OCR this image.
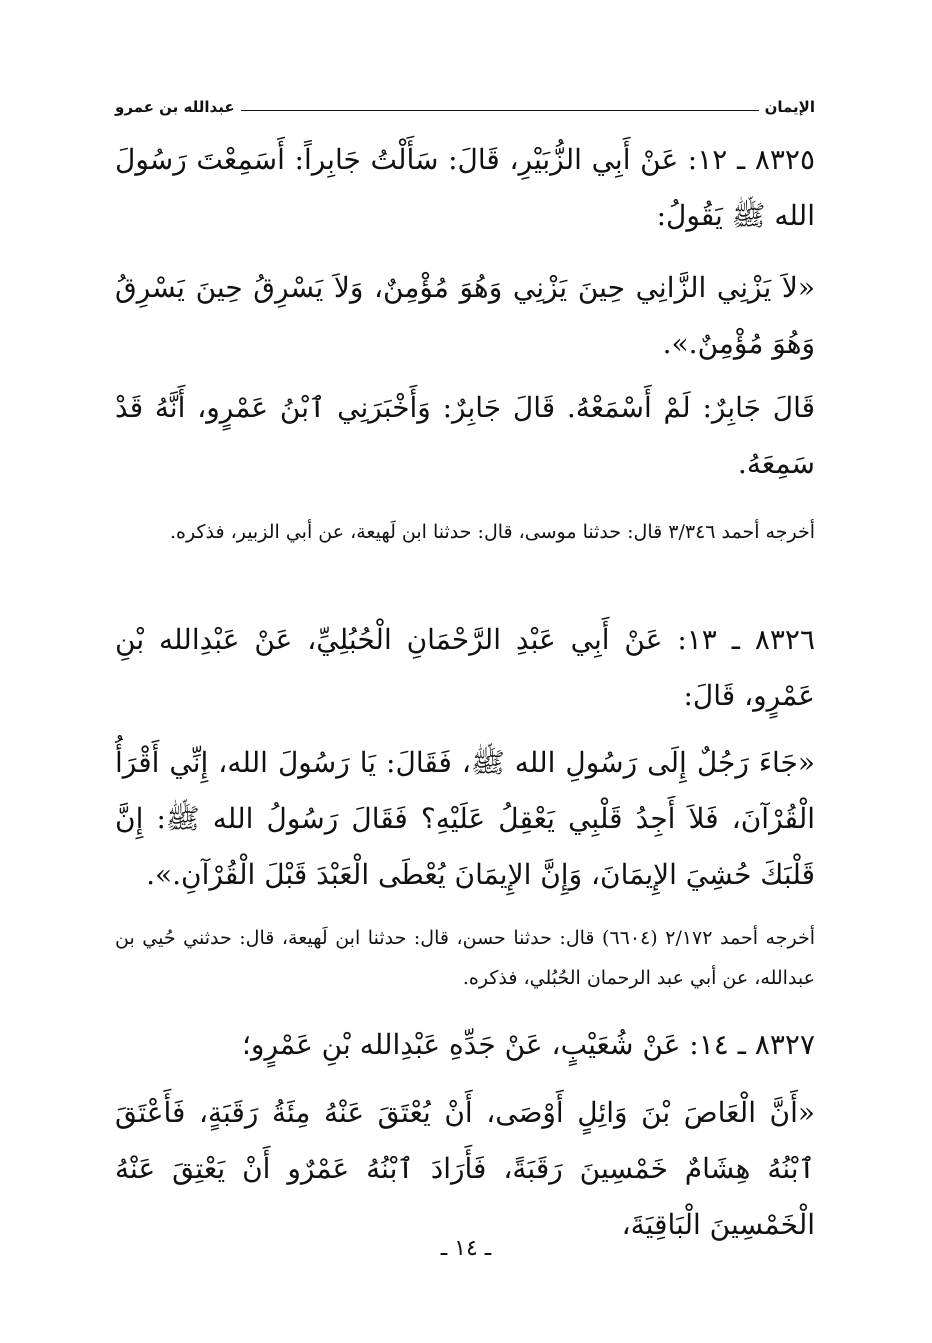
الإيمان
عبدالله بن عمرو

٨٣٢٥ ـ ١٢: عَنْ أَبِي الزُّبَيْرِ، قَالَ: سَأَلْتُ جَابِراً: أَسَمِعْتَ رَسُولَ الله ﷺ يَقُولُ:

«لاَ يَزْنِي الزَّانِي حِينَ يَزْنِي وَهُوَ مُؤْمِنٌ، وَلاَ يَسْرِقُ حِينَ يَسْرِقُ وَهُوَ مُؤْمِنٌ.».

قَالَ جَابِرٌ: لَمْ أَسْمَعْهُ. قَالَ جَابِرٌ: وَأَخْبَرَنِي ٱبْنُ عَمْرٍو، أَنَّهُ قَدْ سَمِعَهُ.

أخرجه أحمد ٣/٣٤٦ قال: حدثنا موسى، قال: حدثنا ابن لَهيعة، عن أبي الزبير، فذكره.

٨٣٢٦ ـ ١٣: عَنْ أَبِي عَبْدِ الرَّحْمَانِ الْحُبُلِيِّ، عَنْ عَبْدِالله بْنِ عَمْرٍو، قَالَ:

«جَاءَ رَجُلٌ إِلَى رَسُولِ الله ﷺ، فَقَالَ: يَا رَسُولَ الله، إِنِّي أَقْرَأُ الْقُرْآنَ، فَلاَ أَجِدُ قَلْبِي يَعْقِلُ عَلَيْهِ؟ فَقَالَ رَسُولُ الله ﷺ: إِنَّ قَلْبَكَ حُشِيَ الإِيمَانَ، وَإِنَّ الإِيمَانَ يُعْطَى الْعَبْدَ قَبْلَ الْقُرْآنِ.».

أخرجه أحمد ٢/١٧٢ (٦٦٠٤) قال: حدثنا حسن، قال: حدثنا ابن لَهيعة، قال: حدثني حُيي بن عبدالله، عن أبي عبد الرحمان الحُبُلي، فذكره.

٨٣٢٧ ـ ١٤: عَنْ شُعَيْبٍ، عَنْ جَدِّهِ عَبْدِالله بْنِ عَمْرٍو؛

«أَنَّ الْعَاصَ بْنَ وَائِلٍ أَوْصَى، أَنْ يُعْتَقَ عَنْهُ مِئَةُ رَقَبَةٍ، فَأَعْتَقَ ٱبْنُهُ هِشَامٌ خَمْسِينَ رَقَبَةً، فَأَرَادَ ٱبْنُهُ عَمْرٌو أَنْ يَعْتِقَ عَنْهُ الْخَمْسِينَ الْبَاقِيَةَ،

ـ ١٤ ـ
